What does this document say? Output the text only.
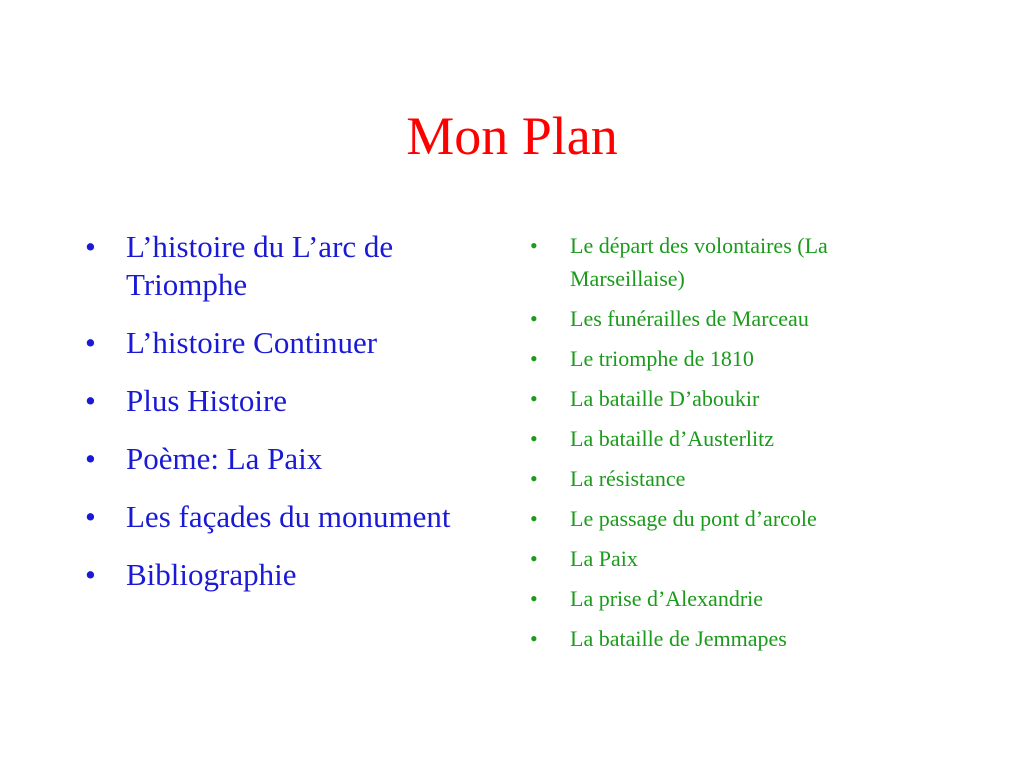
Mon Plan
• L’histoire du L’arc de Triomphe
• L’histoire Continuer
• Plus Histoire
• Poème: La Paix
• Les façades du monument
• Bibliographie
• Le départ des volontaires (La Marseillaise)
• Les funérailles de Marceau
• Le triomphe de 1810
• La bataille D’aboukir
• La bataille d’Austerlitz
• La résistance
• Le passage du pont d’arcole
• La Paix
• La prise d’Alexandrie
• La bataille de Jemmapes
